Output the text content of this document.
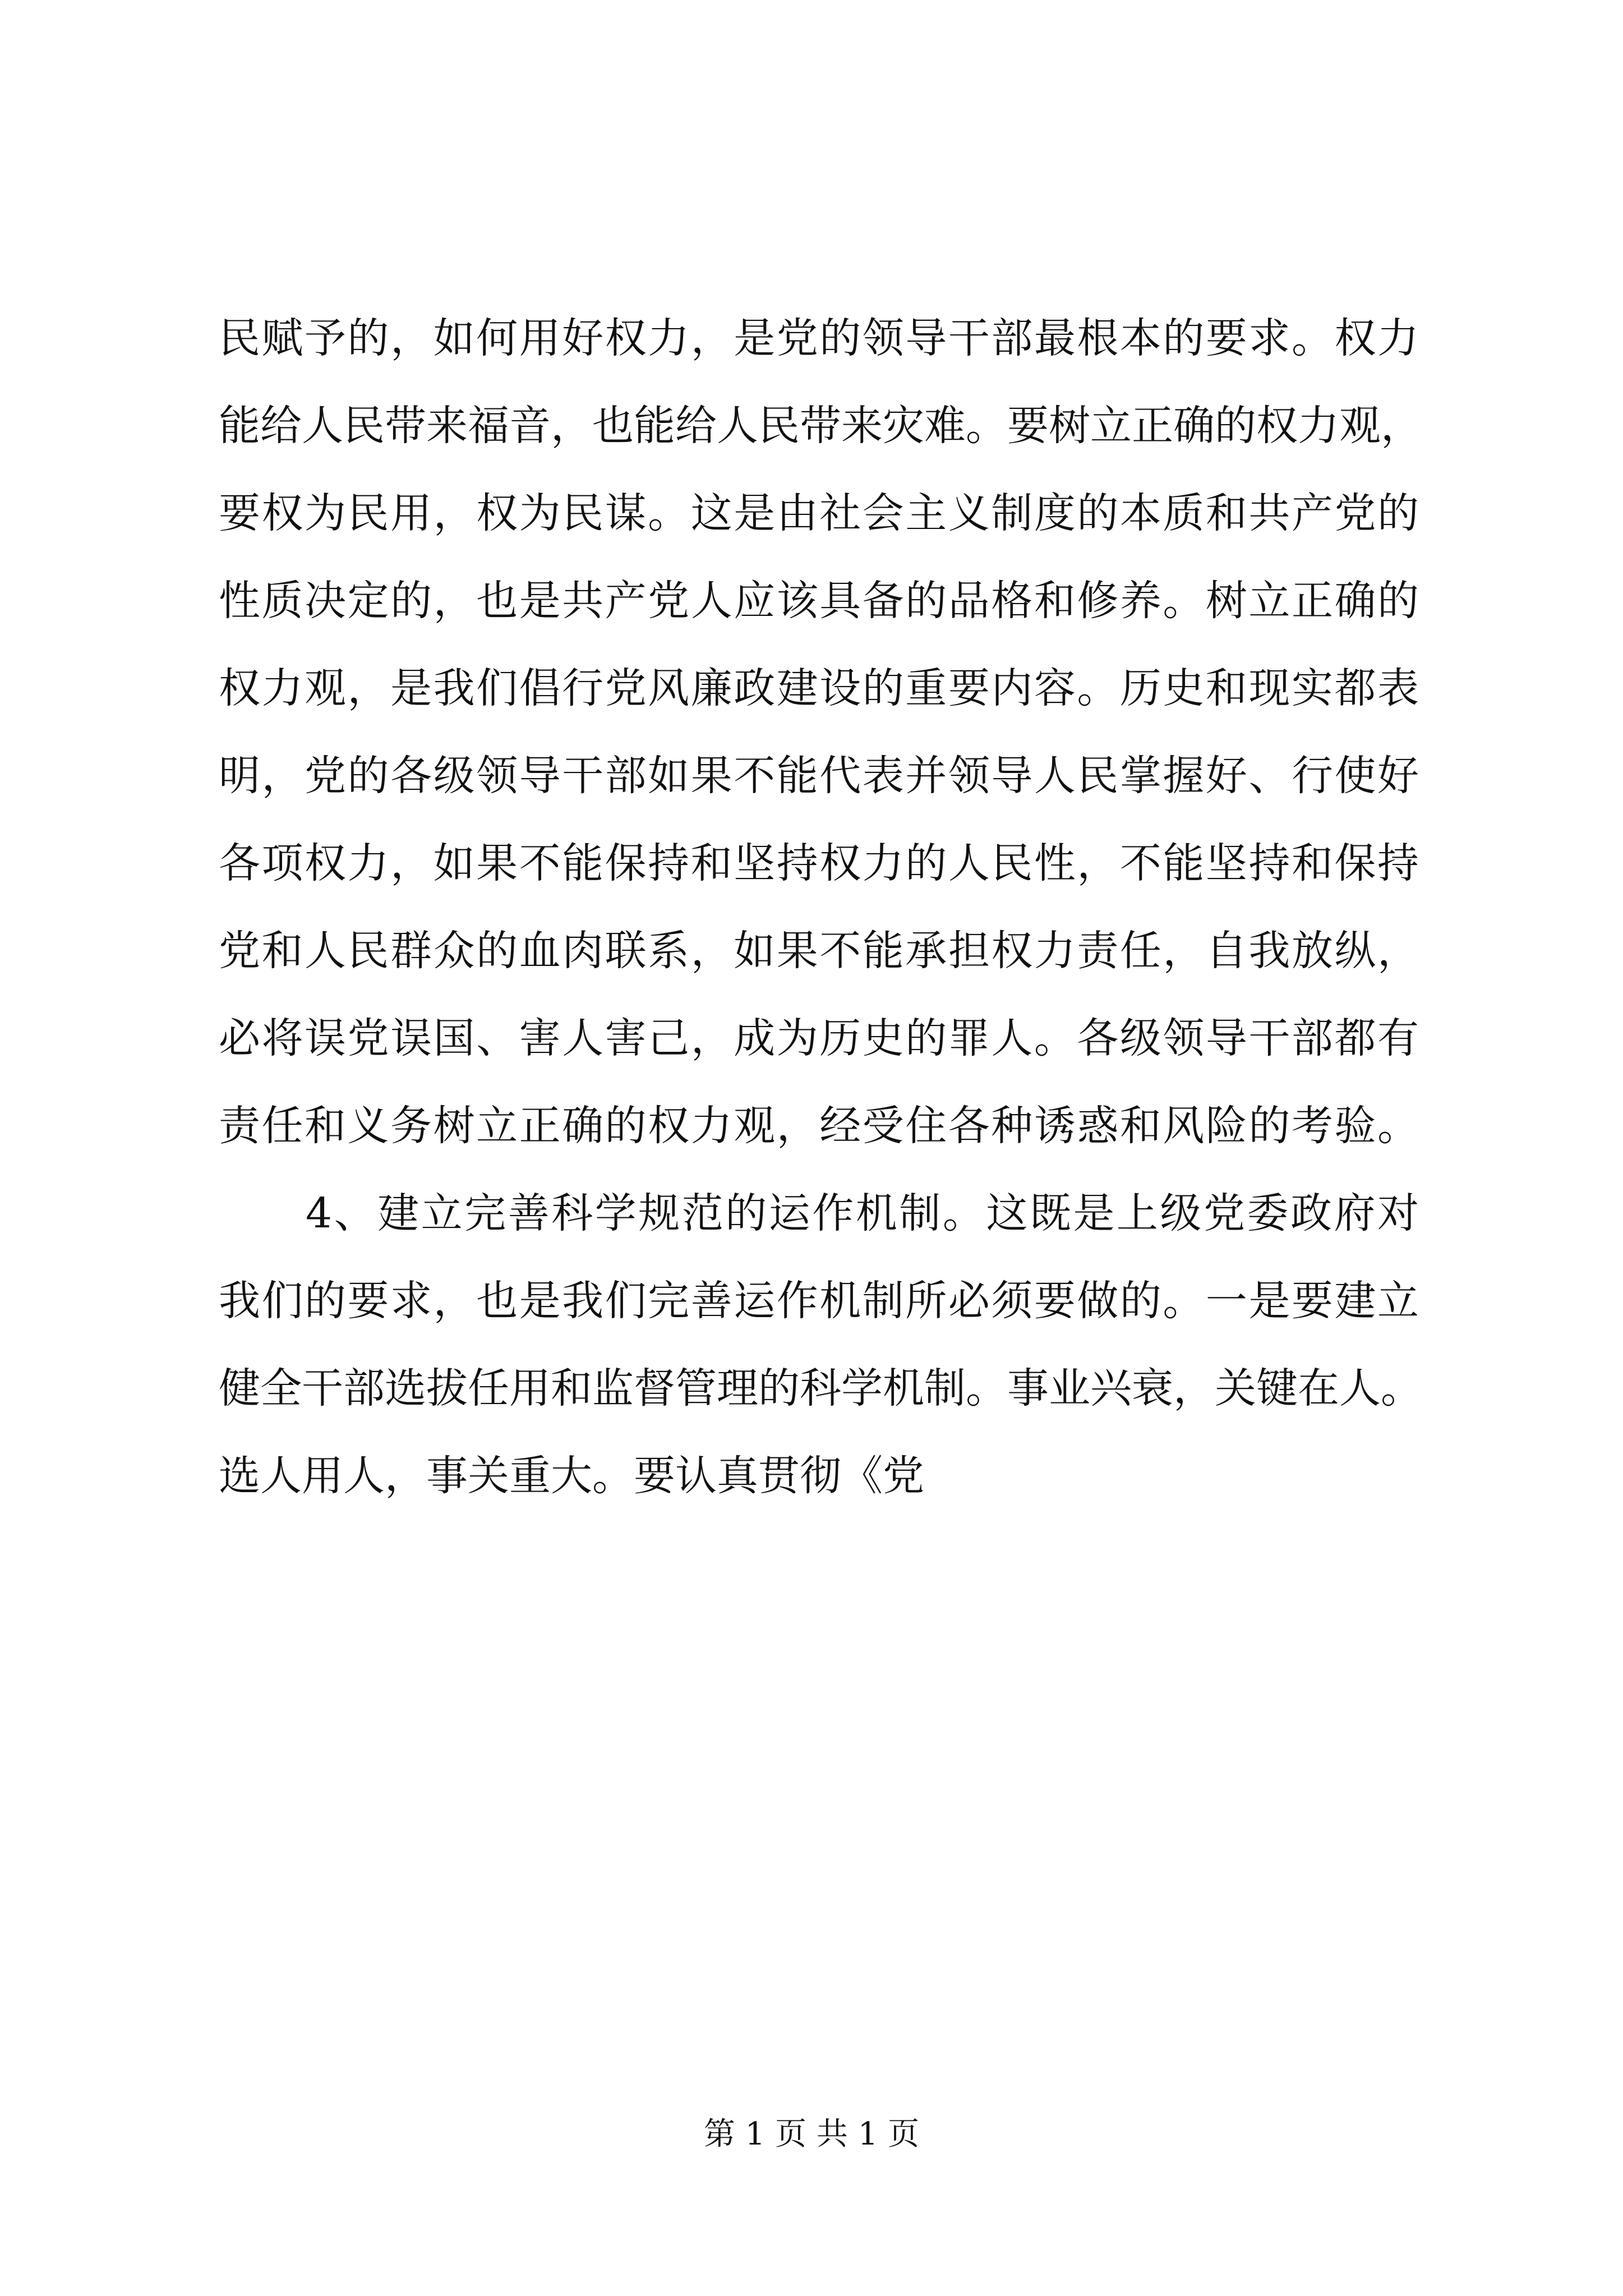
民赋予的，如何用好权力，是党的领导干部最根本的要求。权力
能给人民带来福音，也能给人民带来灾难。要树立正确的权力观，
要权为民用，权为民谋。这是由社会主义制度的本质和共产党的
性质决定的，也是共产党人应该具备的品格和修养。树立正确的
权力观，是我们倡行党风廉政建设的重要内容。历史和现实都表
明，党的各级领导干部如果不能代表并领导人民掌握好、行使好
各项权力，如果不能保持和坚持权力的人民性，不能坚持和保持
党和人民群众的血肉联系，如果不能承担权力责任，自我放纵，
必将误党误国、害人害己，成为历史的罪人。各级领导干部都有
责任和义务树立正确的权力观，经受住各种诱惑和风险的考验。
　　4、建立完善科学规范的运作机制。这既是上级党委政府对
我们的要求，也是我们完善运作机制所必须要做的。一是要建立
健全干部选拔任用和监督管理的科学机制。事业兴衰，关键在人。
选人用人，事关重大。要认真贯彻《党
第 1 页 共 1 页
